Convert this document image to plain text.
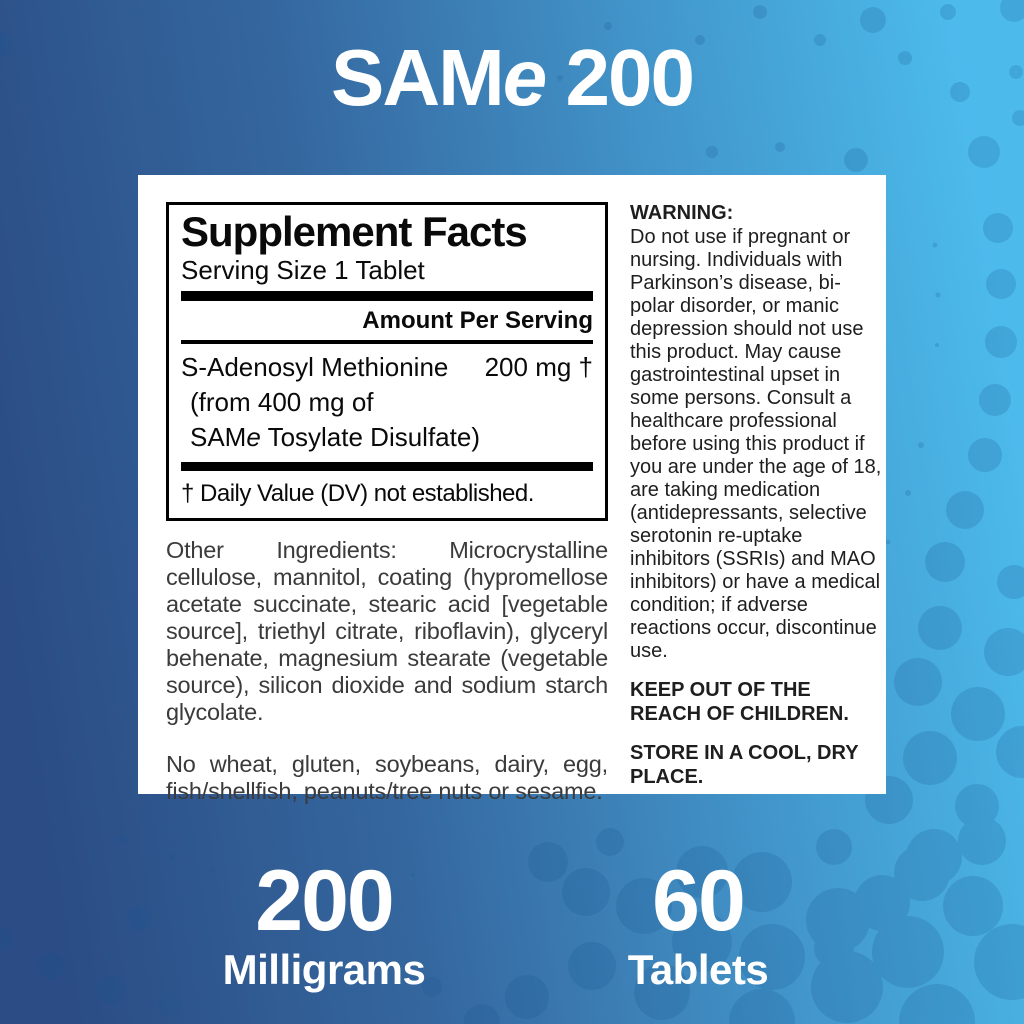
SAMe 200
Supplement Facts
Serving Size 1 Tablet
Amount Per Serving
S-Adenosyl Methionine 200 mg †
(from 400 mg of
SAMe Tosylate Disulfate)
† Daily Value (DV) not established.
Other Ingredients: Microcrystalline cellulose, mannitol, coating (hypromellose acetate succinate, stearic acid [vegetable source], triethyl citrate, riboflavin), glyceryl behenate, magnesium stearate (vegetable source), silicon dioxide and sodium starch glycolate.
No wheat, gluten, soybeans, dairy, egg, fish/shellfish, peanuts/tree nuts or sesame.
WARNING:
Do not use if pregnant or nursing. Individuals with Parkinson’s disease, bi-polar disorder, or manic depression should not use this product. May cause gastrointestinal upset in some persons. Consult a healthcare professional before using this product if you are under the age of 18, are taking medication (antidepressants, selective serotonin re-uptake inhibitors (SSRIs) and MAO inhibitors) or have a medical condition; if adverse reactions occur, discontinue use.
KEEP OUT OF THE REACH OF CHILDREN.
STORE IN A COOL, DRY PLACE.
200
Milligrams
60
Tablets
